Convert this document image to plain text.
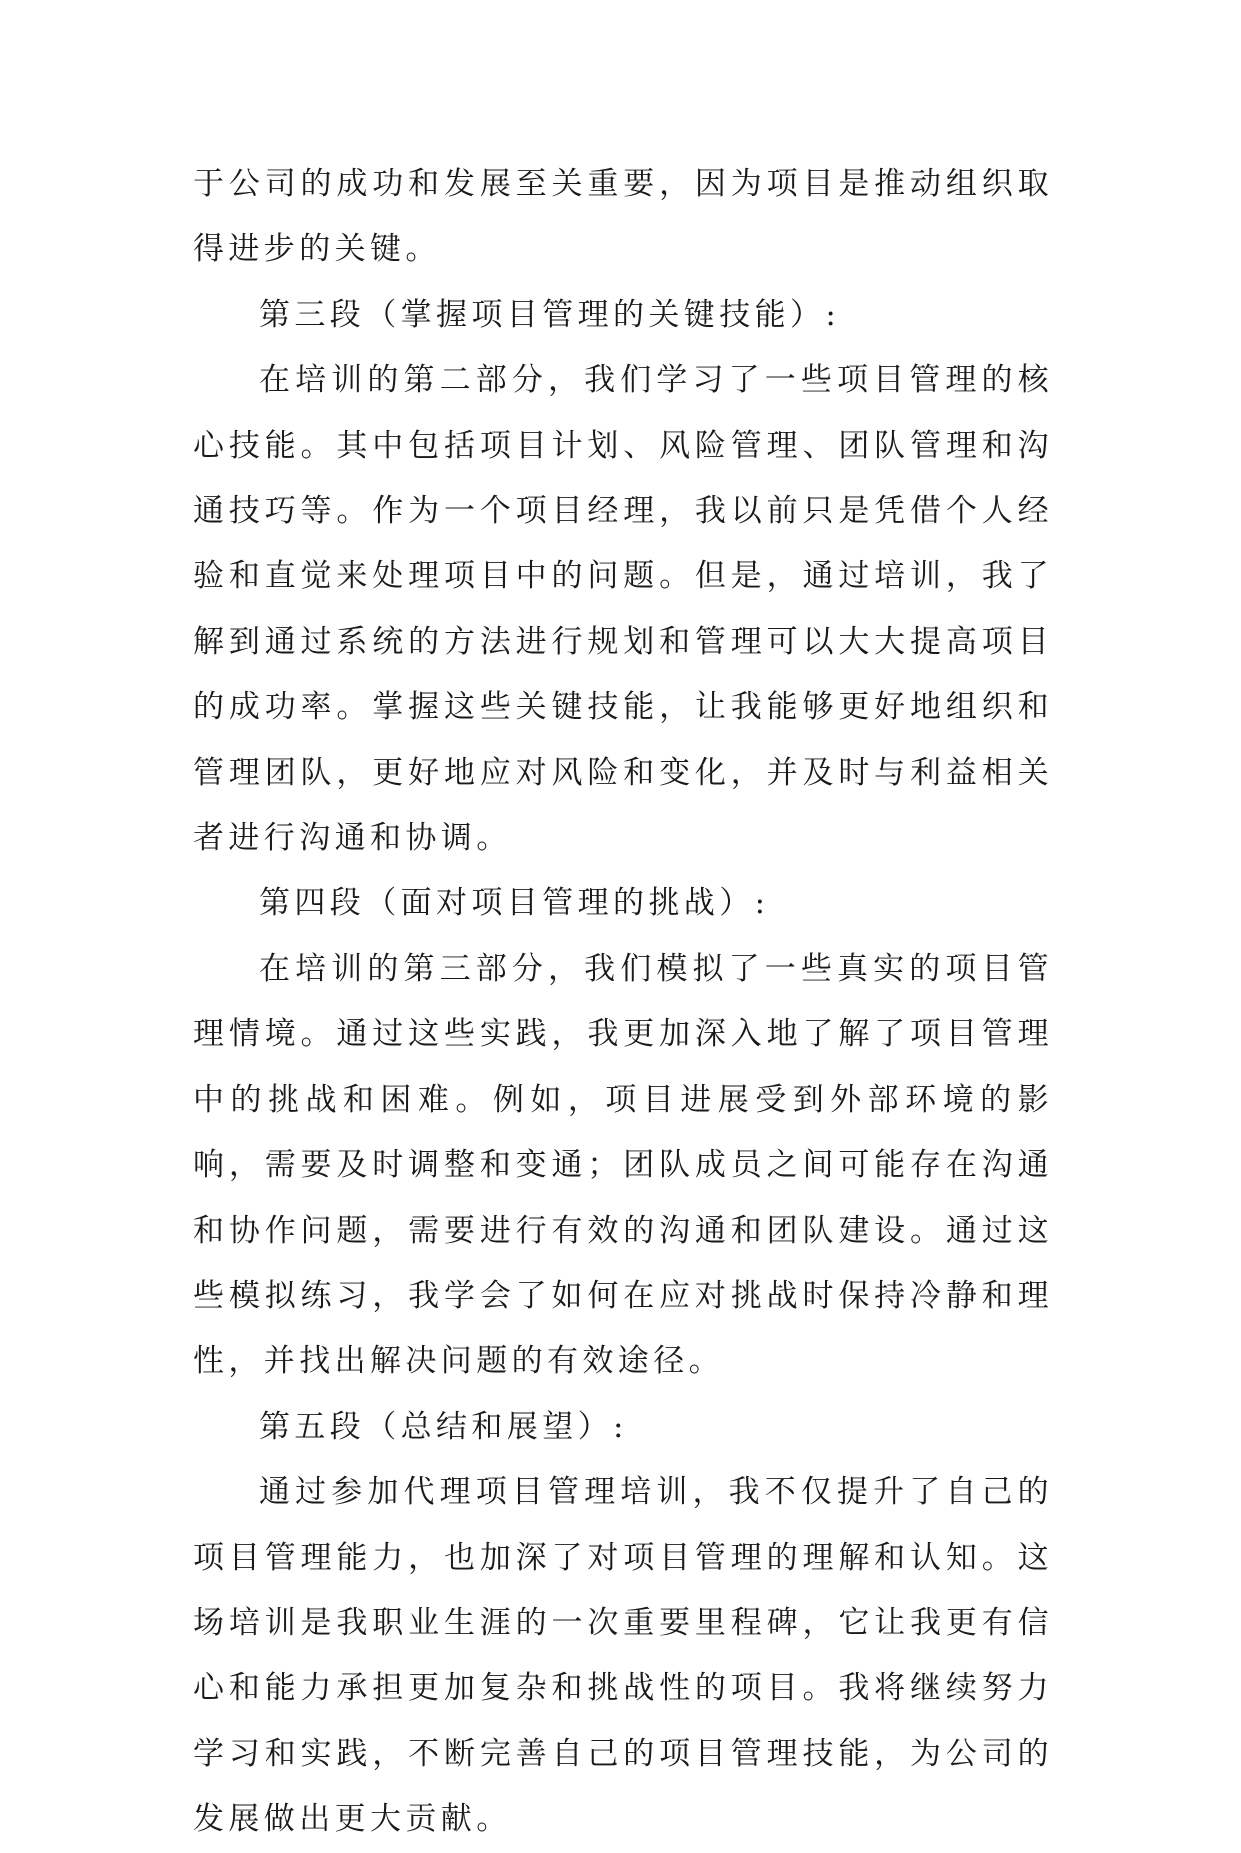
于公司的成功和发展至关重要，因为项目是推动组织取得进步的关键。

第三段（掌握项目管理的关键技能）:

在培训的第二部分，我们学习了一些项目管理的核心技能。其中包括项目计划、风险管理、团队管理和沟通技巧等。作为一个项目经理，我以前只是凭借个人经验和直觉来处理项目中的问题。但是，通过培训，我了解到通过系统的方法进行规划和管理可以大大提高项目的成功率。掌握这些关键技能，让我能够更好地组织和管理团队，更好地应对风险和变化，并及时与利益相关者进行沟通和协调。

第四段（面对项目管理的挑战）:

在培训的第三部分，我们模拟了一些真实的项目管理情境。通过这些实践，我更加深入地了解了项目管理中的挑战和困难。例如，项目进展受到外部环境的影响，需要及时调整和变通；团队成员之间可能存在沟通和协作问题，需要进行有效的沟通和团队建设。通过这些模拟练习，我学会了如何在应对挑战时保持冷静和理性，并找出解决问题的有效途径。

第五段（总结和展望）:

通过参加代理项目管理培训，我不仅提升了自己的项目管理能力，也加深了对项目管理的理解和认知。这场培训是我职业生涯的一次重要里程碑，它让我更有信心和能力承担更加复杂和挑战性的项目。我将继续努力学习和实践，不断完善自己的项目管理技能，为公司的发展做出更大贡献。
